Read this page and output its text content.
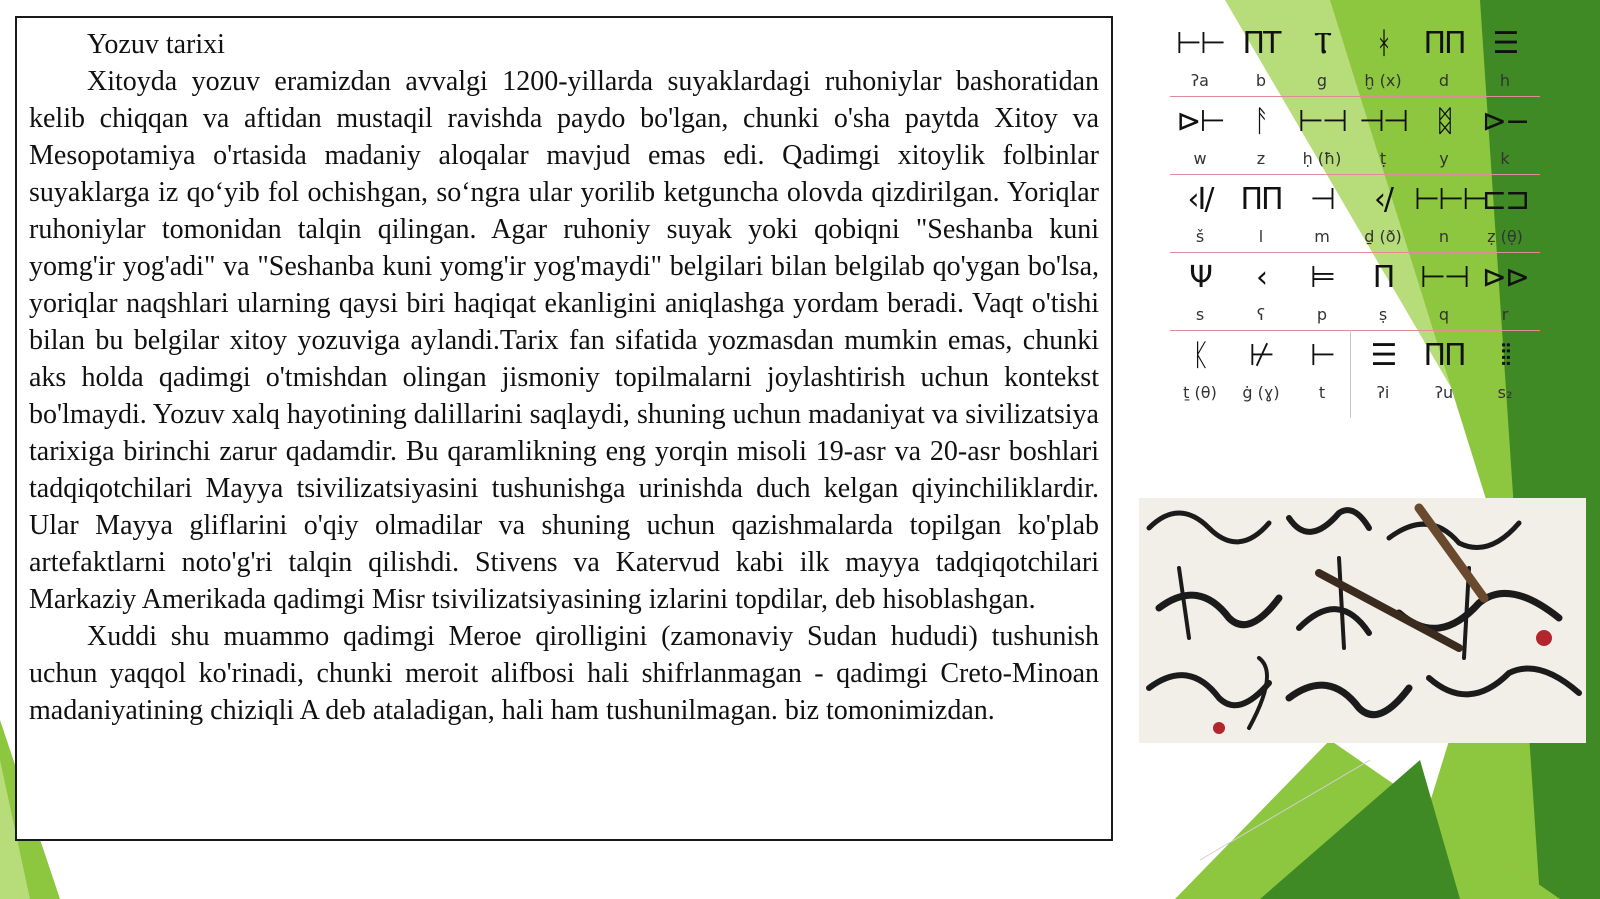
Yozuv tarixi

Xitoyda yozuv eramizdan avvalgi 1200-yillarda suyaklardagi ruhoniylar bashoratidan kelib chiqqan va aftidan mustaqil ravishda paydo bo'lgan, chunki o'sha paytda Xitoy va Mesopotamiya o'rtasida madaniy aloqalar mavjud emas edi. Qadimgi xitoylik folbinlar suyaklarga iz qo‘yib fol ochishgan, so‘ngra ular yorilib ketguncha olovda qizdirilgan. Yoriqlar ruhoniylar tomonidan talqin qilingan. Agar ruhoniy suyak yoki qobiqni "Seshanba kuni yomg'ir yog'adi" va "Seshanba kuni yomg'ir yog'maydi" belgilari bilan belgilab qo'ygan bo'lsa, yoriqlar naqshlari ularning qaysi biri haqiqat ekanligini aniqlashga yordam beradi. Vaqt o'tishi bilan bu belgilar xitoy yozuviga aylandi.Tarix fan sifatida yozmasdan mumkin emas, chunki aks holda qadimgi o'tmishdan olingan jismoniy topilmalarni joylashtirish uchun kontekst bo'lmaydi. Yozuv xalq hayotining dalillarini saqlaydi, shuning uchun madaniyat va sivilizatsiya tarixiga birinchi zarur qadamdir. Bu qaramlikning eng yorqin misoli 19-asr va 20-asr boshlari tadqiqotchilari Mayya tsivilizatsiyasini tushunishga urinishda duch kelgan qiyinchiliklardir. Ular Mayya gliflarini o'qiy olmadilar va shuning uchun qazishmalarda topilgan ko'plab artefaktlarni noto'g'ri talqin qilishdi. Stivens va Katervud kabi ilk mayya tadqiqotchilari Markaziy Amerikada qadimgi Misr tsivilizatsiyasining izlarini topdilar, deb hisoblashgan.

Xuddi shu muammo qadimgi Meroe qirolligini (zamonaviy Sudan hududi) tushunish uchun yaqqol ko'rinadi, chunki meroit alifbosi hali shifrlanmagan - qadimgi Creto-Minoan madaniyatining chiziqli A deb ataladigan, hali ham tushunilmagan. biz tomonimizdan.

⊢⊢
ʔa
ΠΤ
b
Ⲧ
g
ᚼ
ḫ (x)
ΠΠ
d
☰
h
⊳⊢
w
ᚨ
z
⊢⊣
ḥ (ħ)
⊣⊣
ṭ
ᛥ
y
⊳−
k
‹Ⅰ/
š
ΠΠ
l
⊣
m
‹/
ḏ (ð)
⊢⊢⊢
n
⊏⊐
ẓ (θ̣)
Ψ
s
‹
ʕ
⊨
p
Π
ṣ
⊢⊣
q
⊳⊳
r
ᛕ
ṯ (θ)
⊬
ġ (ɣ)
⊢
t
☰
ʔi
ΠΠ
ʔu
⦙⦙
s₂
